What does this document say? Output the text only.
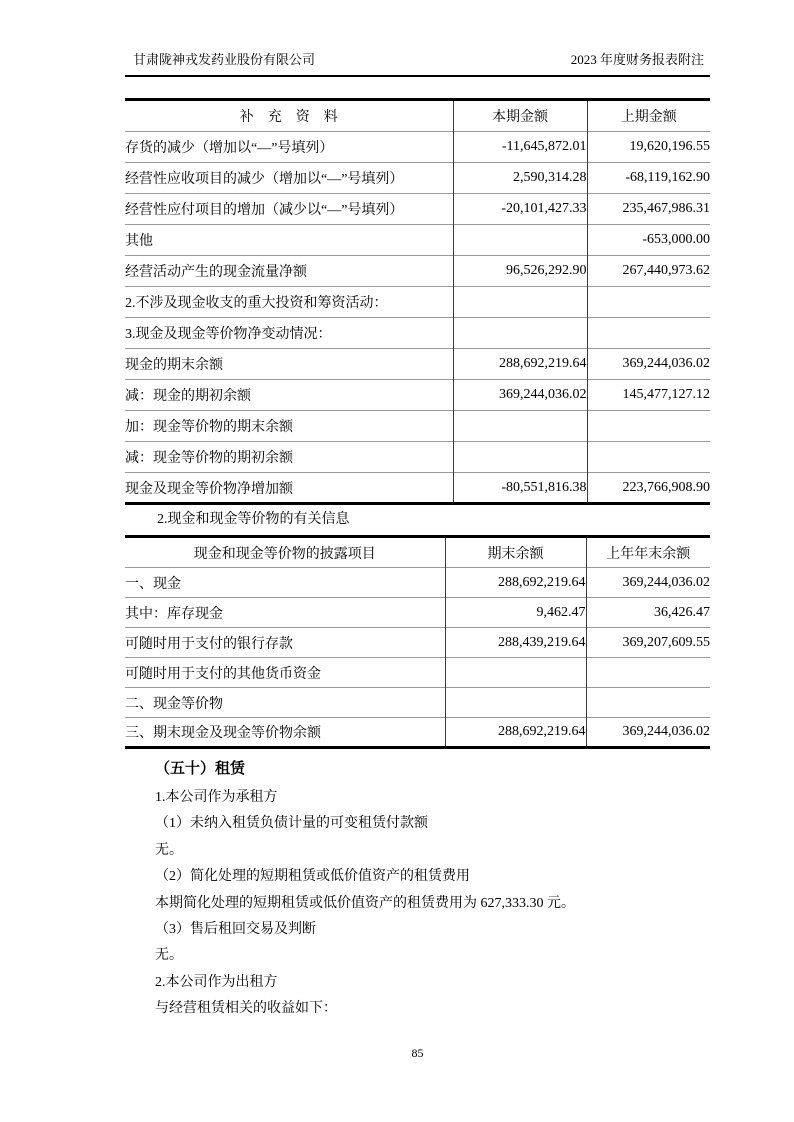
甘肃陇神戎发药业股份有限公司	2023 年度财务报表附注
补　充　资　料	本期金额	上期金额
存货的减少（增加以“—”号填列）	-11,645,872.01	19,620,196.55
经营性应收项目的减少（增加以“—”号填列）	2,590,314.28	-68,119,162.90
经营性应付项目的增加（减少以“—”号填列）	-20,101,427.33	235,467,986.31
其他		-653,000.00
经营活动产生的现金流量净额	96,526,292.90	267,440,973.62
2.不涉及现金收支的重大投资和筹资活动：		
3.现金及现金等价物净变动情况：		
现金的期末余额	288,692,219.64	369,244,036.02
减：现金的期初余额	369,244,036.02	145,477,127.12
加：现金等价物的期末余额		
减：现金等价物的期初余额		
现金及现金等价物净增加额	-80,551,816.38	223,766,908.90
2.现金和现金等价物的有关信息
现金和现金等价物的披露项目	期末余额	上年年末余额
一、现金	288,692,219.64	369,244,036.02
其中：库存现金	9,462.47	36,426.47
可随时用于支付的银行存款	288,439,219.64	369,207,609.55
可随时用于支付的其他货币资金		
二、现金等价物		
三、期末现金及现金等价物余额	288,692,219.64	369,244,036.02
（五十）租赁

1.本公司作为承租方

（1）未纳入租赁负债计量的可变租赁付款额

无。

（2）简化处理的短期租赁或低价值资产的租赁费用

本期简化处理的短期租赁或低价值资产的租赁费用为 627,333.30 元。

（3）售后租回交易及判断

无。

2.本公司作为出租方

与经营租赁相关的收益如下：

85
